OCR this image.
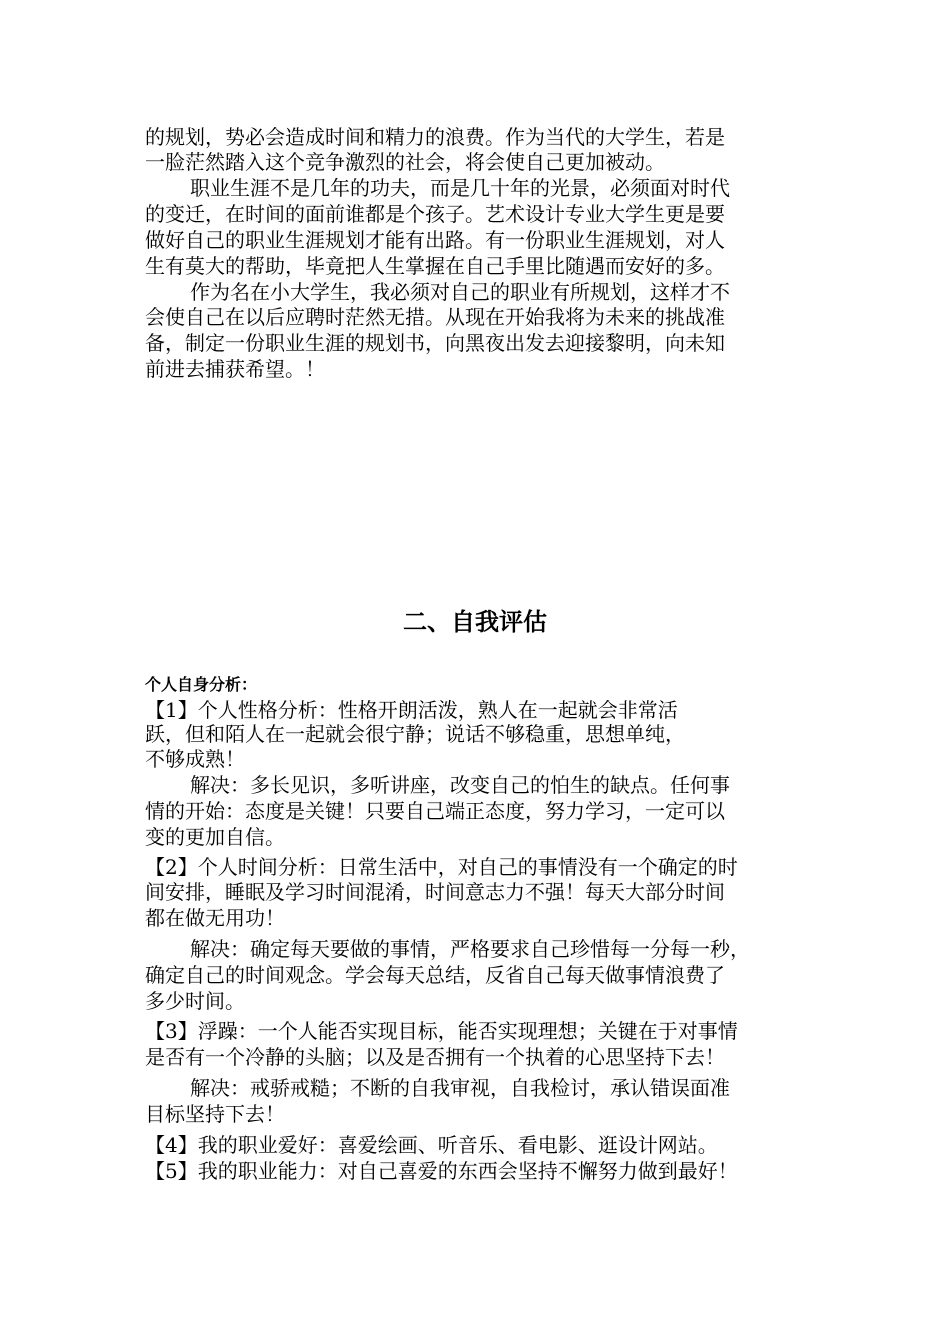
的规划，势必会造成时间和精力的浪费。作为当代的大学生，若是
一脸茫然踏入这个竞争激烈的社会，将会使自己更加被动。
职业生涯不是几年的功夫，而是几十年的光景，必须面对时代
的变迁，在时间的面前谁都是个孩子。艺术设计专业大学生更是要
做好自己的职业生涯规划才能有出路。有一份职业生涯规划，对人
生有莫大的帮助，毕竟把人生掌握在自己手里比随遇而安好的多。
作为名在小大学生，我必须对自己的职业有所规划，这样才不
会使自己在以后应聘时茫然无措。从现在开始我将为未来的挑战准
备，制定一份职业生涯的规划书，向黑夜出发去迎接黎明，向未知
前进去捕获希望。！
二、自我评估
个人自身分析：
【1】个人性格分析：性格开朗活泼，熟人在一起就会非常活
跃，但和陌人在一起就会很宁静；说话不够稳重，思想单纯，
不够成熟！
解决：多长见识，多听讲座，改变自己的怕生的缺点。任何事
情的开始：态度是关键！只要自己端正态度，努力学习，一定可以
变的更加自信。
【2】个人时间分析：日常生活中，对自己的事情没有一个确定的时
间安排，睡眠及学习时间混淆，时间意志力不强！每天大部分时间
都在做无用功！
解决：确定每天要做的事情，严格要求自己珍惜每一分每一秒，
确定自己的时间观念。学会每天总结，反省自己每天做事情浪费了
多少时间。
【3】浮躁：一个人能否实现目标，能否实现理想；关键在于对事情
是否有一个冷静的头脑；以及是否拥有一个执着的心思坚持下去！
解决：戒骄戒糙；不断的自我审视，自我检讨，承认错误面准
目标坚持下去！
【4】我的职业爱好：喜爱绘画、听音乐、看电影、逛设计网站。
【5】我的职业能力：对自己喜爱的东西会坚持不懈努力做到最好！
